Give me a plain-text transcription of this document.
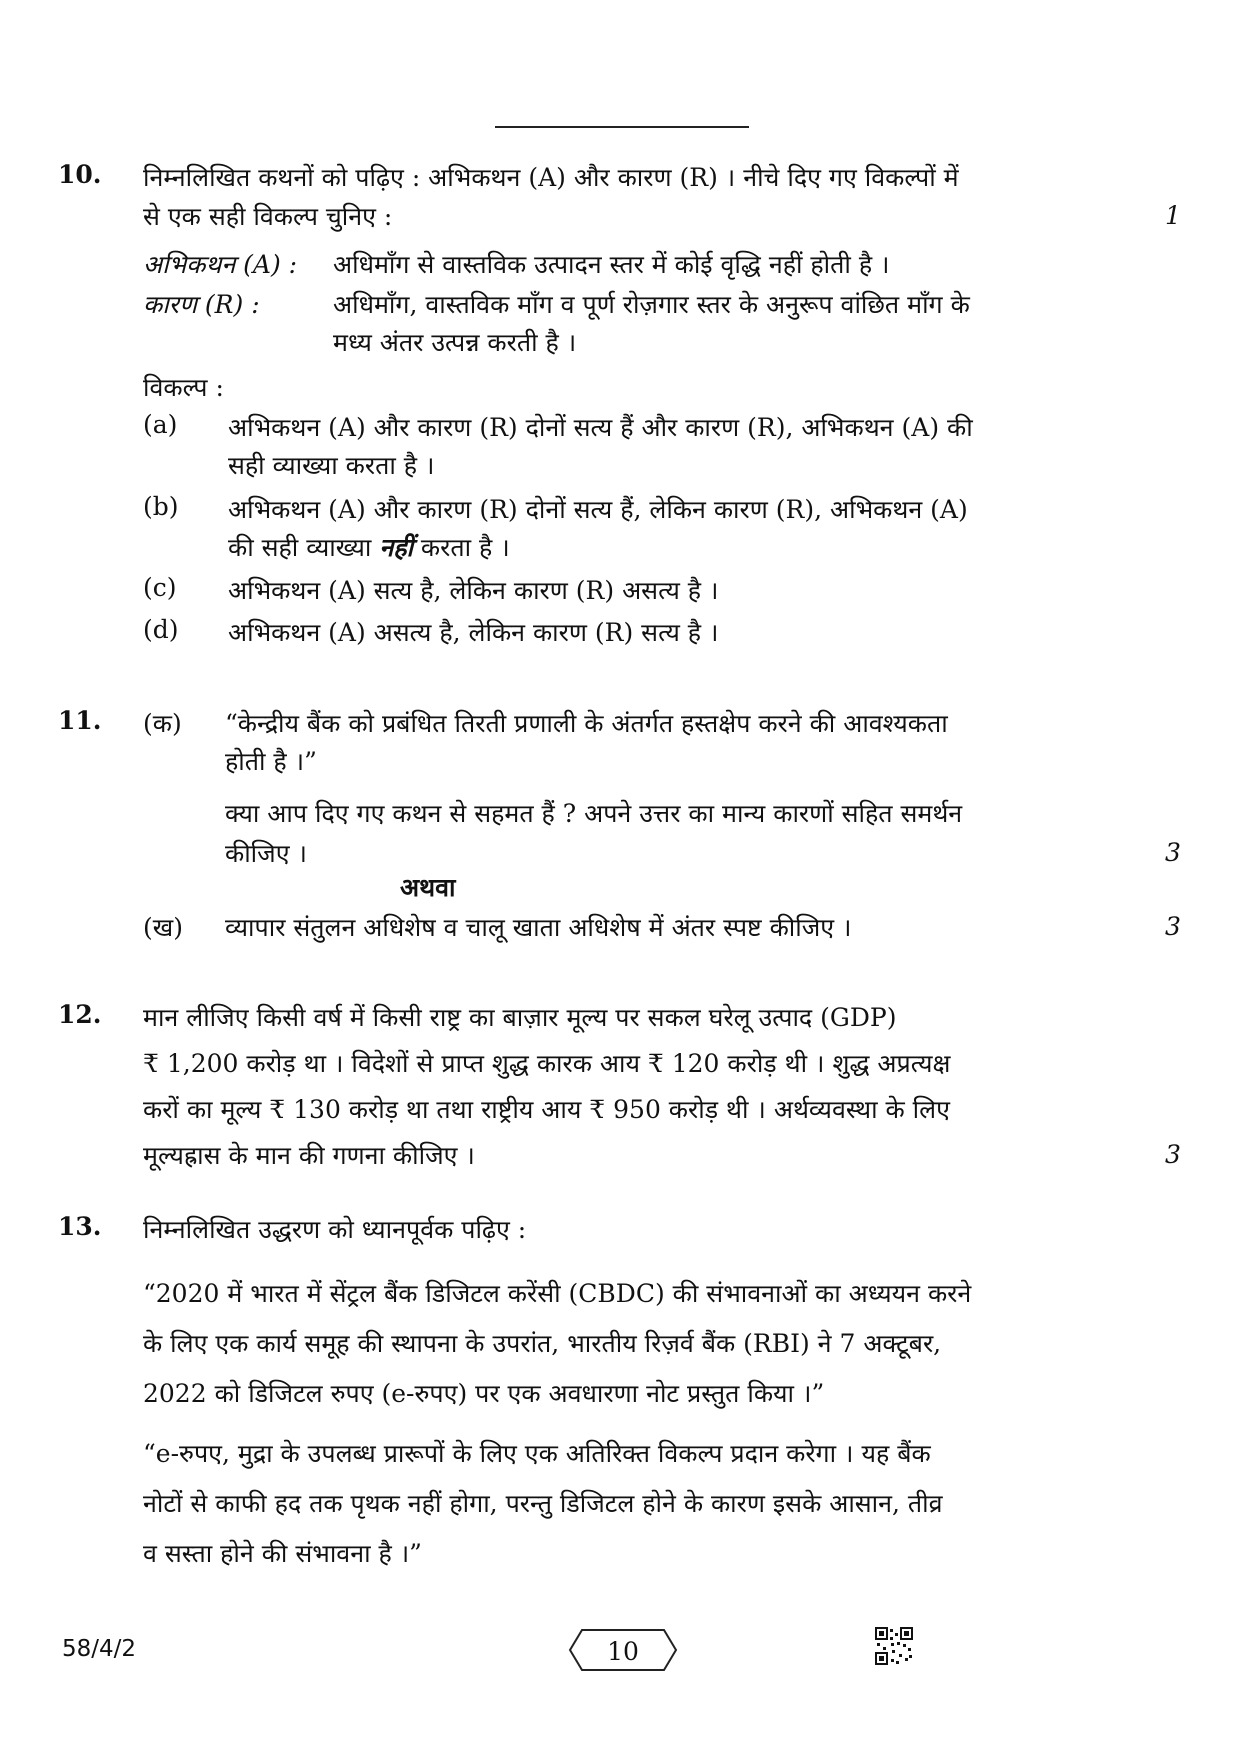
10. निम्नलिखित कथनों को पढ़िए : अभिकथन (A) और कारण (R) । नीचे दिए गए विकल्पों में
से एक सही विकल्प चुनिए :	1
अभिकथन (A) : अधिमाँग से वास्तविक उत्पादन स्तर में कोई वृद्धि नहीं होती है ।
कारण (R) :	अधिमाँग, वास्तविक माँग व पूर्ण रोज़गार स्तर के अनुरूप वांछित माँग के
मध्य अंतर उत्पन्न करती है ।
विकल्प :
(a) अभिकथन (A) और कारण (R) दोनों सत्य हैं और कारण (R), अभिकथन (A) की
सही व्याख्या करता है ।
(b) अभिकथन (A) और कारण (R) दोनों सत्य हैं, लेकिन कारण (R), अभिकथन (A)
की सही व्याख्या नहीं करता है ।
(c) अभिकथन (A) सत्य है, लेकिन कारण (R) असत्य है ।
(d) अभिकथन (A) असत्य है, लेकिन कारण (R) सत्य है ।
11. (क) “केन्द्रीय बैंक को प्रबंधित तिरती प्रणाली के अंतर्गत हस्तक्षेप करने की आवश्यकता
होती है ।”
क्या आप दिए गए कथन से सहमत हैं ? अपने उत्तर का मान्य कारणों सहित समर्थन
कीजिए ।	3
अथवा
(ख) व्यापार संतुलन अधिशेष व चालू खाता अधिशेष में अंतर स्पष्ट कीजिए ।	3
12. मान लीजिए किसी वर्ष में किसी राष्ट्र का बाज़ार मूल्य पर सकल घरेलू उत्पाद (GDP)
₹ 1,200 करोड़ था । विदेशों से प्राप्त शुद्ध कारक आय ₹ 120 करोड़ थी । शुद्ध अप्रत्यक्ष
करों का मूल्य ₹ 130 करोड़ था तथा राष्ट्रीय आय ₹ 950 करोड़ थी । अर्थव्यवस्था के लिए
मूल्यह्रास के मान की गणना कीजिए ।	3
13. निम्नलिखित उद्धरण को ध्यानपूर्वक पढ़िए :
“2020 में भारत में सेंट्रल बैंक डिजिटल करेंसी (CBDC) की संभावनाओं का अध्ययन करने
के लिए एक कार्य समूह की स्थापना के उपरांत, भारतीय रिज़र्व बैंक (RBI) ने 7 अक्टूबर,
2022 को डिजिटल रुपए (e-रुपए) पर एक अवधारणा नोट प्रस्तुत किया ।”
“e-रुपए, मुद्रा के उपलब्ध प्रारूपों के लिए एक अतिरिक्त विकल्प प्रदान करेगा । यह बैंक
नोटों से काफी हद तक पृथक नहीं होगा, परन्तु डिजिटल होने के कारण इसके आसान, तीव्र
व सस्ता होने की संभावना है ।”
58/4/2	10
